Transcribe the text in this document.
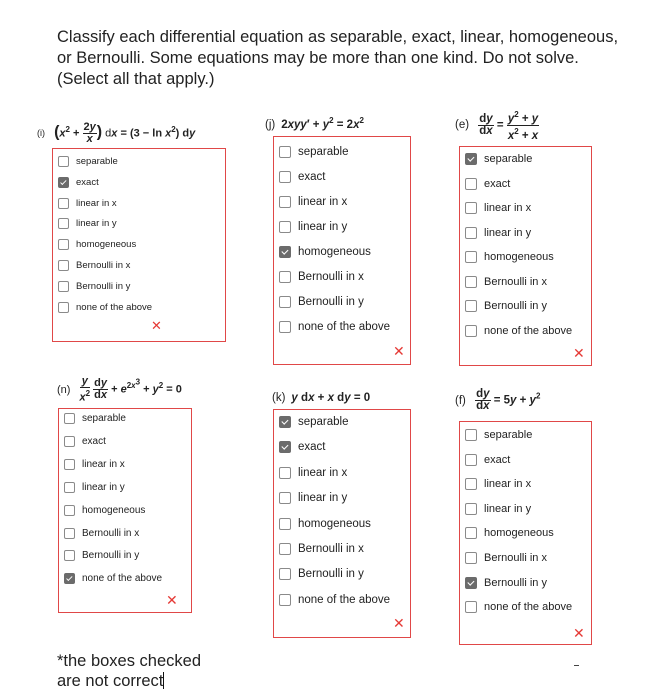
Classify each differential equation as separable, exact, linear, homogeneous, or Bernoulli. Some equations may be more than one kind. Do not solve. (Select all that apply.)
(i) ($x^2 + \frac{2y}{x}$ ) dx = $(3 - \ln x^2)$ dy
(j) $2xyy' + y^2 = 2x^2$	$(e) \frac{dy}{dx} = \frac{y^2 + y}{x^2 + x}$
$(n) \frac{y}{x^2}$
$\frac{dy}{dx} + e^{2x^3} + y^2 = 0$
(k) y dx + x dy = 0	$(f) \frac{dy}{dx} = 5y + y^2$
*the boxes checked
are not correct
separable
exact
linear in x
linear in y
homogeneous
Bernoulli in x
Bernoulli in y
none of the above
✕
separable
exact
linear in x
linear in y
homogeneous
Bernoulli in x
Bernoulli in y
none of the above
✕
separable
exact
linear in x
linear in y
homogeneous
Bernoulli in x
Bernoulli in y
none of the above
✕
separable
exact
linear in x
linear in y
homogeneous
Bernoulli in x
Bernoulli in y
none of the above
✕
separable
exact
linear in x
linear in y
homogeneous
Bernoulli in x
Bernoulli in y
none of the above
✕
separable
exact
linear in x
linear in y
homogeneous
Bernoulli in x
Bernoulli in y
none of the above
✕
